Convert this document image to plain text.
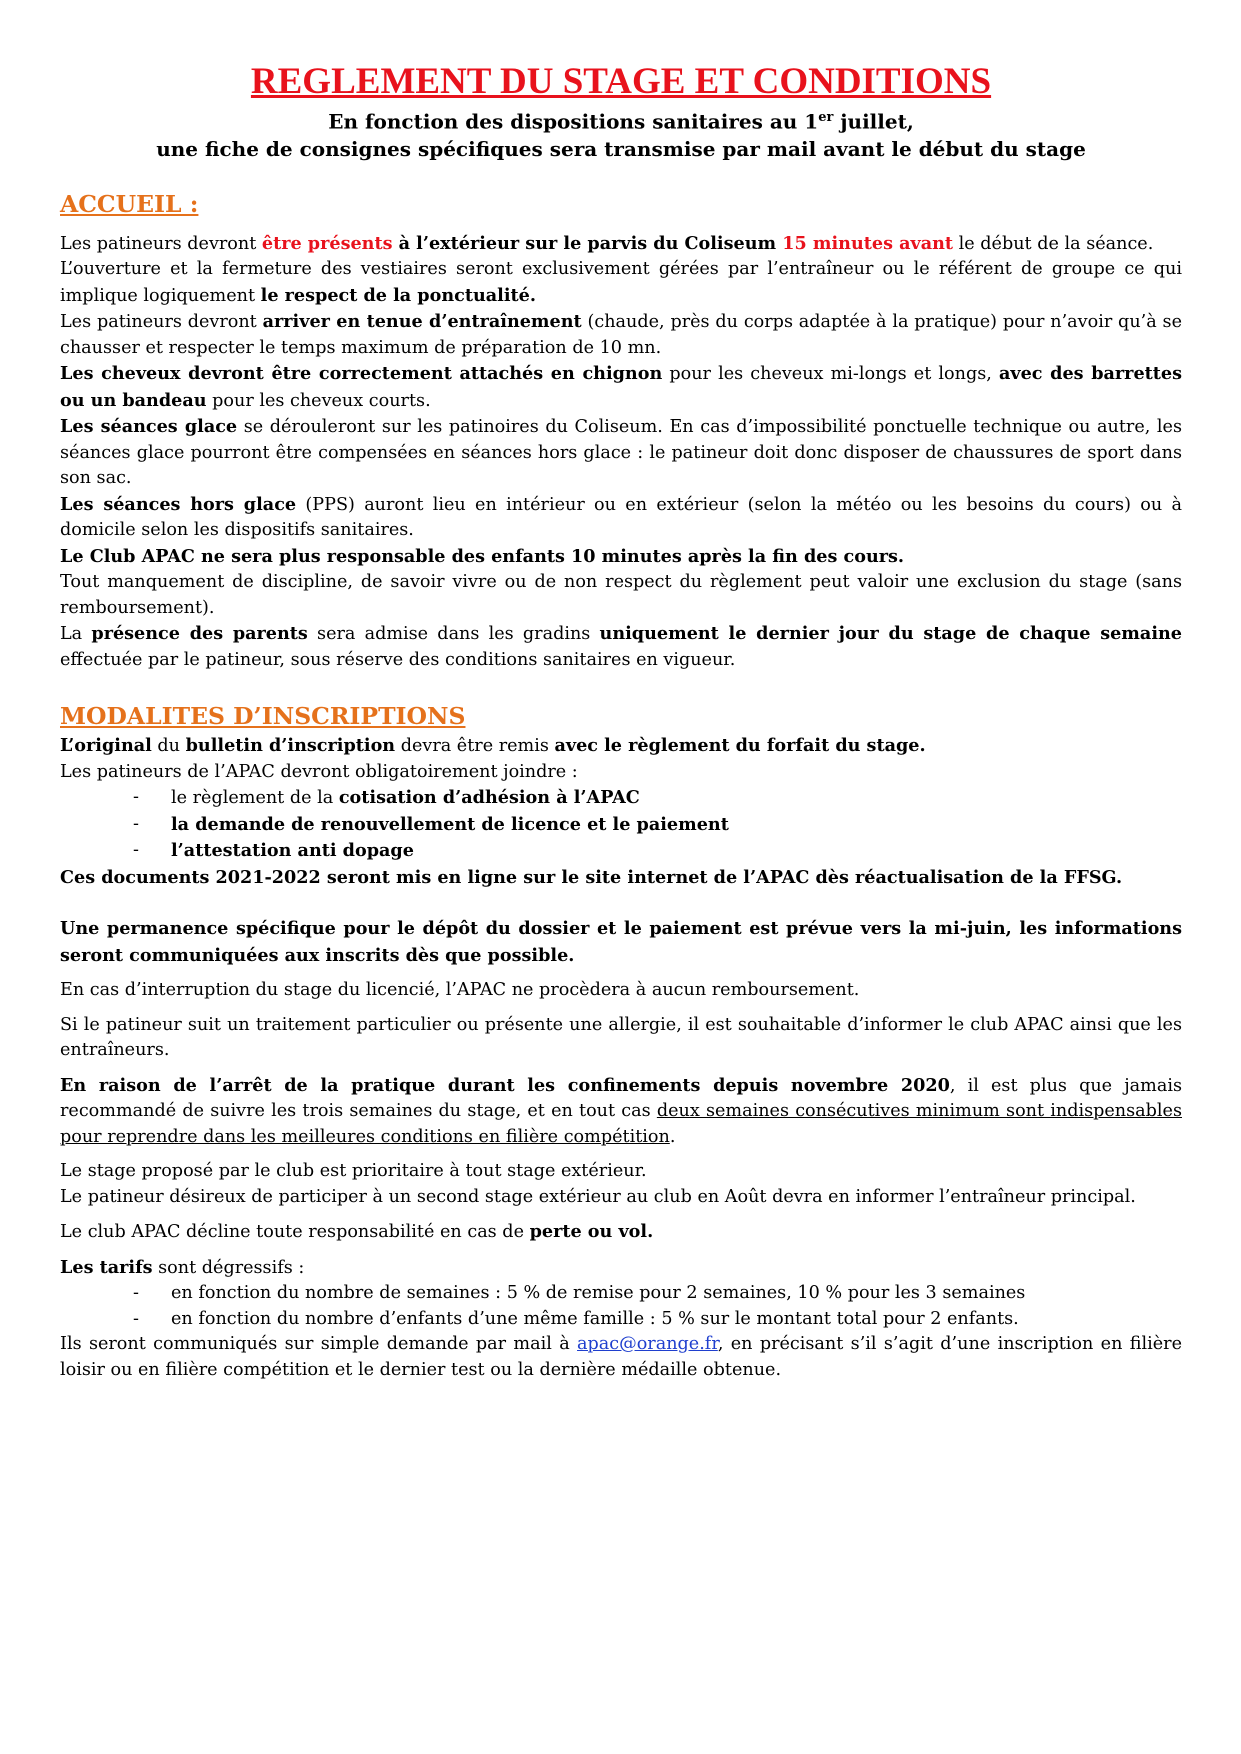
REGLEMENT DU STAGE ET CONDITIONS

En fonction des dispositions sanitaires au 1er juillet,

une fiche de consignes spécifiques sera transmise par mail avant le début du stage

ACCUEIL :

Les patineurs devront être présents à l’extérieur sur le parvis du Coliseum 15 minutes avant le début de la séance.

L’ouverture et la fermeture des vestiaires seront exclusivement gérées par l’entraîneur ou le référent de groupe ce qui implique logiquement le respect de la ponctualité.

Les patineurs devront arriver en tenue d’entraînement (chaude, près du corps adaptée à la pratique) pour n’avoir qu’à se chausser et respecter le temps maximum de préparation de 10 mn.

Les cheveux devront être correctement attachés en chignon pour les cheveux mi-longs et longs, avec des barrettes ou un bandeau pour les cheveux courts.

Les séances glace se dérouleront sur les patinoires du Coliseum. En cas d’impossibilité ponctuelle technique ou autre, les séances glace pourront être compensées en séances hors glace : le patineur doit donc disposer de chaussures de sport dans son sac.

Les séances hors glace (PPS) auront lieu en intérieur ou en extérieur (selon la météo ou les besoins du cours) ou à domicile selon les dispositifs sanitaires.

Le Club APAC ne sera plus responsable des enfants 10 minutes après la fin des cours.

Tout manquement de discipline, de savoir vivre ou de non respect du règlement peut valoir une exclusion du stage (sans remboursement).

La présence des parents sera admise dans les gradins uniquement le dernier jour du stage de chaque semaine effectuée par le patineur, sous réserve des conditions sanitaires en vigueur.

MODALITES D’INSCRIPTIONS

L’original du bulletin d’inscription devra être remis avec le règlement du forfait du stage.

Les patineurs de l’APAC devront obligatoirement joindre :

- le règlement de la cotisation d’adhésion à l’APAC
- la demande de renouvellement de licence et le paiement
- l’attestation anti dopage

Ces documents 2021-2022 seront mis en ligne sur le site internet de l’APAC dès réactualisation de la FFSG.

Une permanence spécifique pour le dépôt du dossier et le paiement est prévue vers la mi-juin, les informations seront communiquées aux inscrits dès que possible.

En cas d’interruption du stage du licencié, l’APAC ne procèdera à aucun remboursement.

Si le patineur suit un traitement particulier ou présente une allergie, il est souhaitable d’informer le club APAC ainsi que les entraîneurs.

En raison de l’arrêt de la pratique durant les confinements depuis novembre 2020, il est plus que jamais recommandé de suivre les trois semaines du stage, et en tout cas deux semaines consécutives minimum sont indispensables pour reprendre dans les meilleures conditions en filière compétition.

Le stage proposé par le club est prioritaire à tout stage extérieur.

Le patineur désireux de participer à un second stage extérieur au club en Août devra en informer l’entraîneur principal.

Le club APAC décline toute responsabilité en cas de perte ou vol.

Les tarifs sont dégressifs :

- en fonction du nombre de semaines : 5 % de remise pour 2 semaines, 10 % pour les 3 semaines
- en fonction du nombre d’enfants d’une même famille : 5 % sur le montant total pour 2 enfants.

Ils seront communiqués sur simple demande par mail à apac@orange.fr, en précisant s’il s’agit d’une inscription en filière loisir ou en filière compétition et le dernier test ou la dernière médaille obtenue.
